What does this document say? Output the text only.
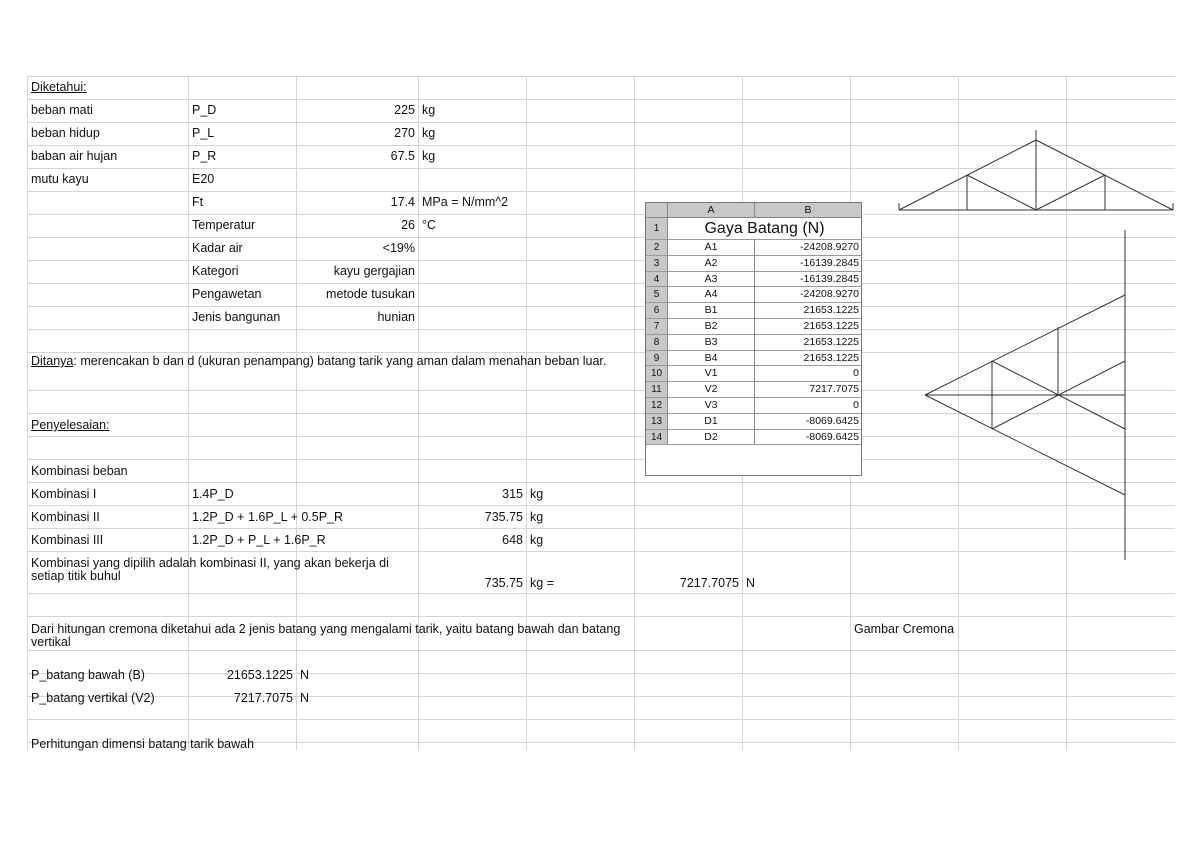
Diketahui:
beban mati	P_D	225 kg
beban hidup	P_L	270 kg
baban air hujan	P_R	67.5 kg
mutu kayu	E20
Ft	17.4 MPa = N/mm^2
Temperatur	26 °C
Kadar air	<19%
Kategori	kayu gergajian
Pengawetan	metode tusukan
Jenis bangunan	hunian
Ditanya: merencakan b dan d (ukuran penampang) batang tarik yang aman dalam menahan beban luar.
Penyelesaian:
Kombinasi beban
Kombinasi I	1.4P_D	315 kg
Kombinasi II	1.2P_D + 1.6P_L + 0.5P_R	735.75 kg
Kombinasi III	1.2P_D + P_L + 1.6P_R	648 kg
Kombinasi yang dipilih adalah kombinasi II, yang akan bekerja di setiap titik buhul	735.75 kg =	7217.7075 N
Dari hitungan cremona diketahui ada 2 jenis batang yang mengalami tarik, yaitu batang bawah dan batang vertikal
Gambar Cremona
P_batang bawah (B)	21653.1225 N
P_batang vertikal (V2)	7217.7075 N
Perhitungan dimensi batang tarik bawah
A	B
1	Gaya Batang (N)
2	A1	-24208.9270
3	A2	-16139.2845
4	A3	-16139.2845
5	A4	-24208.9270
6	B1	21653.1225
7	B2	21653.1225
8	B3	21653.1225
9	B4	21653.1225
10	V1	0
11	V2	7217.7075
12	V3	0
13	D1	-8069.6425
14	D2	-8069.6425
